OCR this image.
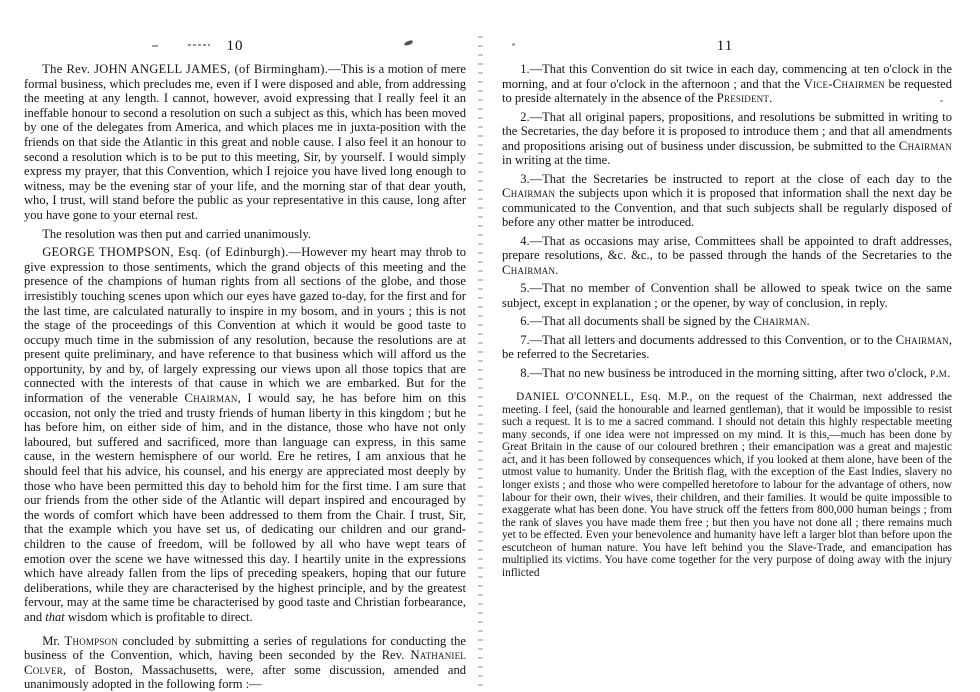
10	11

The Rev. JOHN ANGELL JAMES, (of Birmingham).—This is a motion of mere formal business, which precludes me, even if I were disposed and able, from addressing the meeting at any length. I cannot, however, avoid expressing that I really feel it an ineffable honour to second a resolution on such a subject as this, which has been moved by one of the delegates from America, and which places me in juxta-position with the friends on that side the Atlantic in this great and noble cause. I also feel it an honour to second a resolution which is to be put to this meeting, Sir, by yourself. I would simply express my prayer, that this Convention, which I rejoice you have lived long enough to witness, may be the evening star of your life, and the morning star of that dear youth, who, I trust, will stand before the public as your representative in this cause, long after you have gone to your eternal rest.

The resolution was then put and carried unanimously.

GEORGE THOMPSON, Esq. (of Edinburgh).—However my heart may throb to give expression to those sentiments, which the grand objects of this meeting and the presence of the champions of human rights from all sections of the globe, and those irresistibly touching scenes upon which our eyes have gazed to-day, for the first and for the last time, are calculated naturally to inspire in my bosom, and in yours ; this is not the stage of the proceedings of this Convention at which it would be good taste to occupy much time in the submission of any resolution, because the resolutions are at present quite preliminary, and have reference to that business which will afford us the opportunity, by and by, of largely expressing our views upon all those topics that are connected with the interests of that cause in which we are embarked. But for the information of the venerable Chairman, I would say, he has before him on this occasion, not only the tried and trusty friends of human liberty in this kingdom ; but he has before him, on either side of him, and in the distance, those who have not only laboured, but suffered and sacrificed, more than language can express, in this same cause, in the western hemisphere of our world. Ere he retires, I am anxious that he should feel that his advice, his counsel, and his energy are appreciated most deeply by those who have been permitted this day to behold him for the first time. I am sure that our friends from the other side of the Atlantic will depart inspired and encouraged by the words of comfort which have been addressed to them from the Chair. I trust, Sir, that the example which you have set us, of dedicating our children and our grand-children to the cause of freedom, will be followed by all who have wept tears of emotion over the scene we have witnessed this day. I heartily unite in the expressions which have already fallen from the lips of preceding speakers, hoping that our future deliberations, while they are characterised by the highest principle, and by the greatest fervour, may at the same time be characterised by good taste and Christian forbearance, and that wisdom which is profitable to direct.

Mr. Thompson concluded by submitting a series of regulations for conducting the business of the Convention, which, having been seconded by the Rev. Nathaniel Colver, of Boston, Massachusetts, were, after some discussion, amended and unanimously adopted in the following form :—

1.—That this Convention do sit twice in each day, commencing at ten o'clock in the morning, and at four o'clock in the afternoon ; and that the Vice-Chairmen be requested to preside alternately in the absence of the President.

2.—That all original papers, propositions, and resolutions be submitted in writing to the Secretaries, the day before it is proposed to introduce them ; and that all amendments and propositions arising out of business under discussion, be submitted to the Chairman in writing at the time.

3.—That the Secretaries be instructed to report at the close of each day to the Chairman the subjects upon which it is proposed that information shall the next day be communicated to the Convention, and that such subjects shall be regularly disposed of before any other matter be introduced.

4.—That as occasions may arise, Committees shall be appointed to draft addresses, prepare resolutions, &c. &c., to be passed through the hands of the Secretaries to the Chairman.

5.—That no member of Convention shall be allowed to speak twice on the same subject, except in explanation ; or the opener, by way of conclusion, in reply.

6.—That all documents shall be signed by the Chairman.

7.—That all letters and documents addressed to this Convention, or to the Chairman, be referred to the Secretaries.

8.—That no new business be introduced in the morning sitting, after two o'clock, p.m.

DANIEL O'CONNELL, Esq. M.P., on the request of the Chairman, next addressed the meeting. I feel, (said the honourable and learned gentleman), that it would be impossible to resist such a request. It is to me a sacred command. I should not detain this highly respectable meeting many seconds, if one idea were not impressed on my mind. It is this,—much has been done by Great Britain in the cause of our coloured brethren ; their emancipation was a great and majestic act, and it has been followed by consequences which, if you looked at them alone, have been of the utmost value to humanity. Under the British flag, with the exception of the East Indies, slavery no longer exists ; and those who were compelled heretofore to labour for the advantage of others, now labour for their own, their wives, their children, and their families. It would be quite impossible to exaggerate what has been done. You have struck off the fetters from 800,000 human beings ; from the rank of slaves you have made them free ; but then you have not done all ; there remains much yet to be effected. Even your benevolence and humanity have left a larger blot than before upon the escutcheon of human nature. You have left behind you the Slave-Trade, and emancipation has multiplied its victims. You have come together for the very purpose of doing away with the injury inflicted
